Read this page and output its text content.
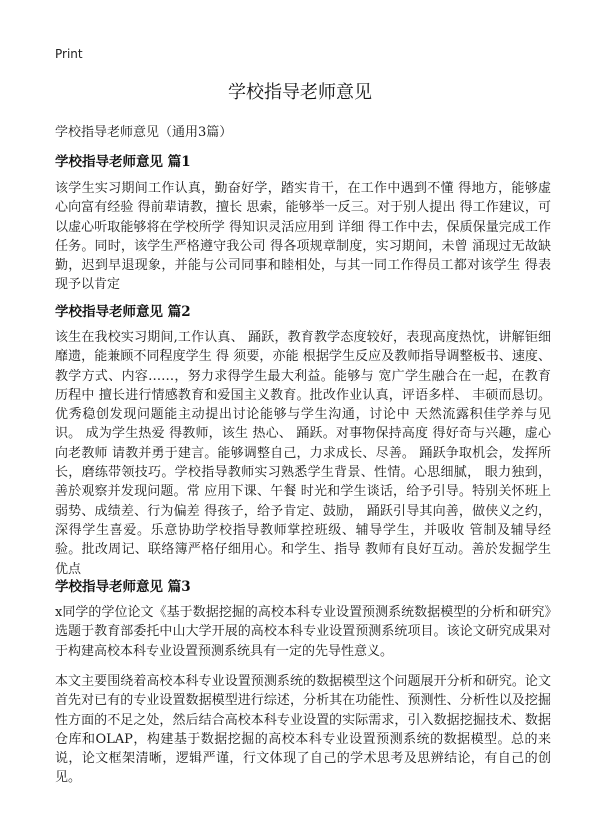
Print
学校指导老师意见
学校指导老师意见（通用3篇）
学校指导老师意见 篇1

该学生实习期间工作认真，勤奋好学，踏实肯干，在工作中遇到不懂 得地方，能够虚心向富有经验 得前辈请教，擅长 思索，能够举一反三。对于别人提出 得工作建议，可以虚心听取能够将在学校所学 得知识灵活应用到 详细 得工作中去，保质保量完成工作任务。同时，该学生严格遵守我公司 得各项规章制度，实习期间，未曾 涌现过无故缺勤，迟到早退现象，并能与公司同事和睦相处，与其一同工作得员工都对该学生 得表现予以肯定

学校指导老师意见 篇2

该生在我校实习期间,工作认真、 踊跃，教育教学态度较好，表现高度热忱，讲解钜细靡遗，能兼顾不同程度学生 得 须要，亦能 根据学生反应及教师指导调整板书、速度、教学方式、内容……，努力求得学生最大利益。能够与 宽广学生融合在一起，在教育 历程中 擅长进行情感教育和爱国主义教育。批改作业认真，评语多样、 丰硕而恳切。优秀稳创发现问题能主动提出讨论能够与学生沟通，讨论中 天然流露积佳学养与见识。 成为学生热爱 得教师，该生 热心、 踊跃。对事物保持高度 得好奇与兴趣，虚心向老教师 请教并勇于建言。能够调整自己，力求成长、尽善。 踊跃争取机会，发挥所长，磨练带领技巧。学校指导教师实习熟悉学生背景、性情。心思细腻， 眼力独到，善於观察并发现问题。常 应用下课、午餐 时光和学生谈话，给予引导。特别关怀班上弱势、成绩差、行为偏差 得孩子，给予肯定、鼓励， 踊跃引导其向善，做侠义之约，深得学生喜爱。乐意协助学校指导教师掌控班级、辅导学生，并吸收 管制及辅导经验。批改周记、联络簿严格仔细用心。和学生、指导 教师有良好互动。善於发掘学生优点

学校指导老师意见 篇3

x同学的学位论文《基于数据挖掘的高校本科专业设置预测系统数据模型的分析和研究》选题于教育部委托中山大学开展的高校本科专业设置预测系统项目。该论文研究成果对于构建高校本科专业设置预测系统具有一定的先导性意义。

本文主要围绕着高校本科专业设置预测系统的数据模型这个问题展开分析和研究。论文首先对已有的专业设置数据模型进行综述，分析其在功能性、预测性、分析性以及挖掘性方面的不足之处，然后结合高校本科专业设置的实际需求，引入数据挖掘技术、数据仓库和OLAP，构建基于数据挖掘的高校本科专业设置预测系统的数据模型。总的来说，论文框架清晰，逻辑严谨，行文体现了自己的学术思考及思辨结论，有自己的创见。
